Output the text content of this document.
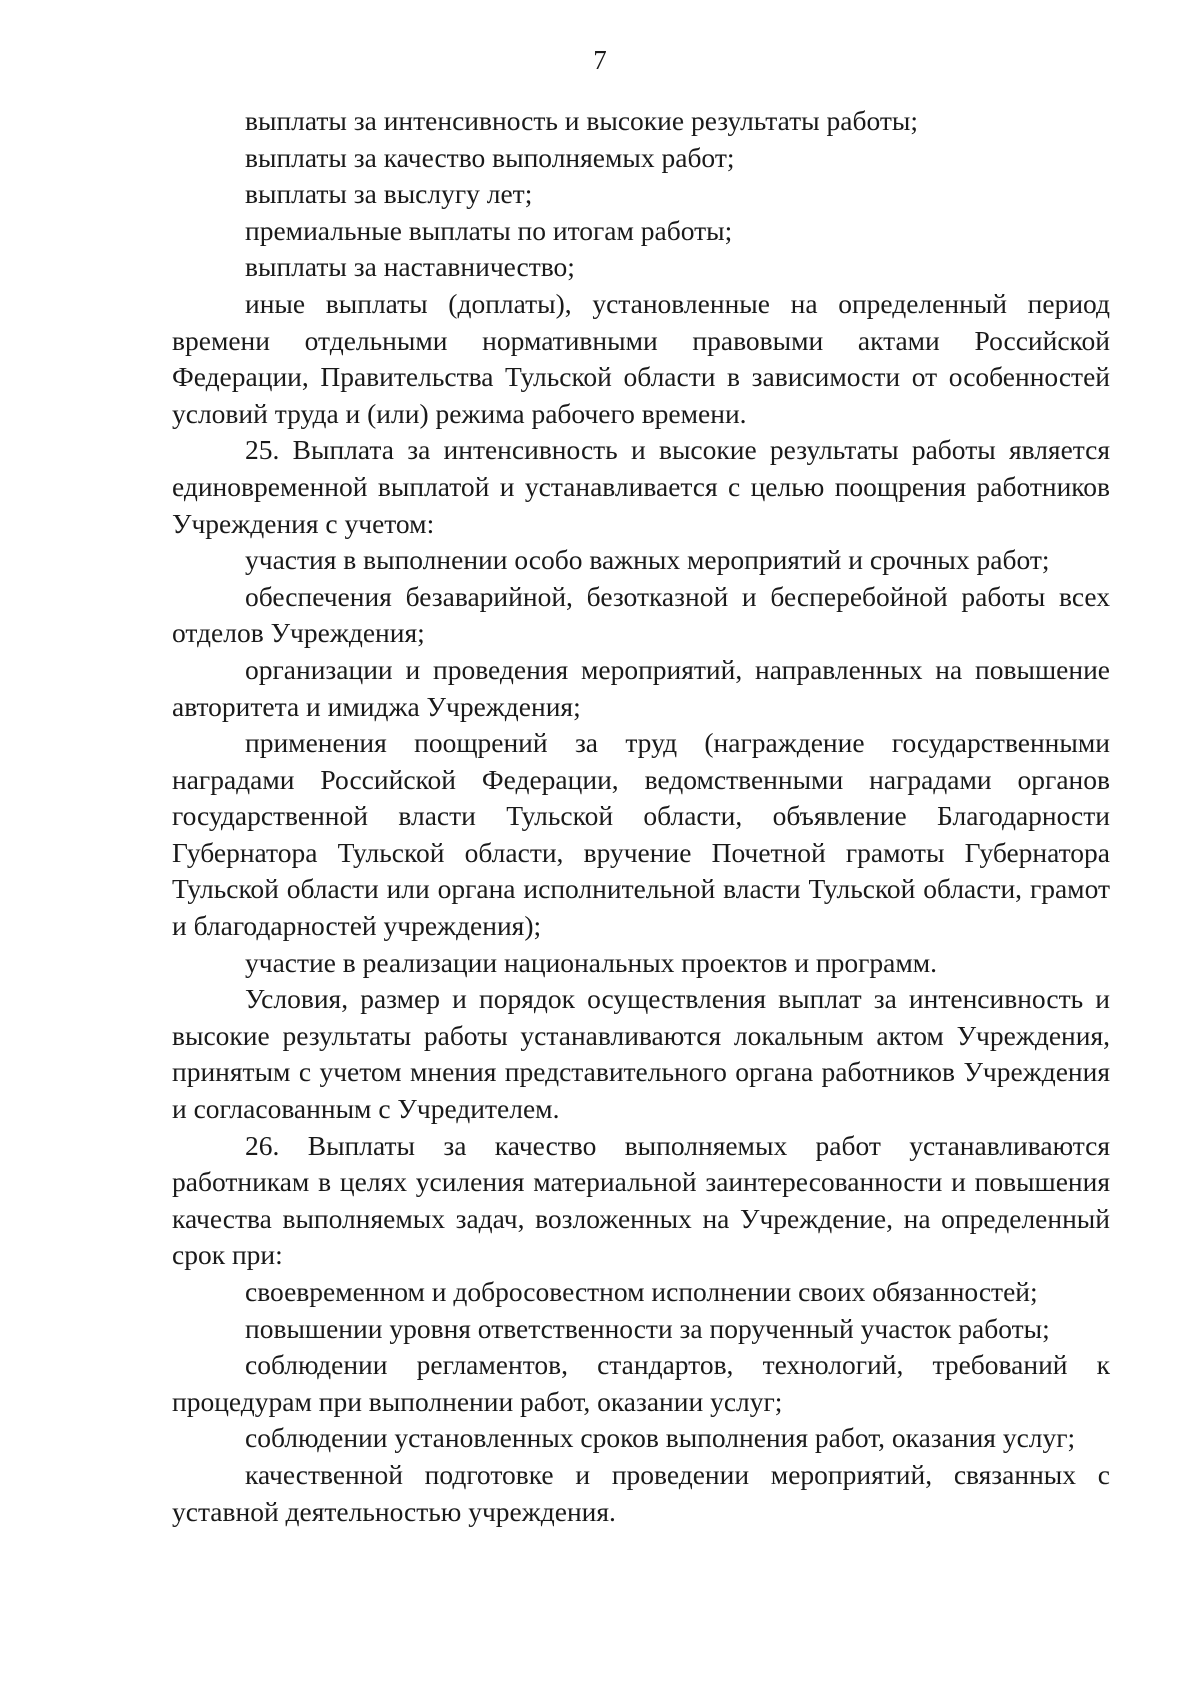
7

выплаты за интенсивность и высокие результаты работы;

выплаты за качество выполняемых работ;

выплаты за выслугу лет;

премиальные выплаты по итогам работы;

выплаты за наставничество;

иные выплаты (доплаты), установленные на определенный период времени отдельными нормативными правовыми актами Российской Федерации, Правительства Тульской области в зависимости от особенностей условий труда и (или) режима рабочего времени.

25. Выплата за интенсивность и высокие результаты работы является единовременной выплатой и устанавливается с целью поощрения работников Учреждения с учетом:

участия в выполнении особо важных мероприятий и срочных работ;

обеспечения безаварийной, безотказной и бесперебойной работы всех отделов Учреждения;

организации и проведения мероприятий, направленных на повышение авторитета и имиджа Учреждения;

применения поощрений за труд (награждение государственными наградами Российской Федерации, ведомственными наградами органов государственной власти Тульской области, объявление Благодарности Губернатора Тульской области, вручение Почетной грамоты Губернатора Тульской области или органа исполнительной власти Тульской области, грамот и благодарностей учреждения);

участие в реализации национальных проектов и программ.

Условия, размер и порядок осуществления выплат за интенсивность и высокие результаты работы устанавливаются локальным актом Учреждения, принятым с учетом мнения представительного органа работников Учреждения и согласованным с Учредителем.

26. Выплаты за качество выполняемых работ устанавливаются работникам в целях усиления материальной заинтересованности и повышения качества выполняемых задач, возложенных на Учреждение, на определенный срок при:

своевременном и добросовестном исполнении своих обязанностей;

повышении уровня ответственности за порученный участок работы;

соблюдении регламентов, стандартов, технологий, требований к процедурам при выполнении работ, оказании услуг;

соблюдении установленных сроков выполнения работ, оказания услуг;

качественной подготовке и проведении мероприятий, связанных с уставной деятельностью учреждения.
